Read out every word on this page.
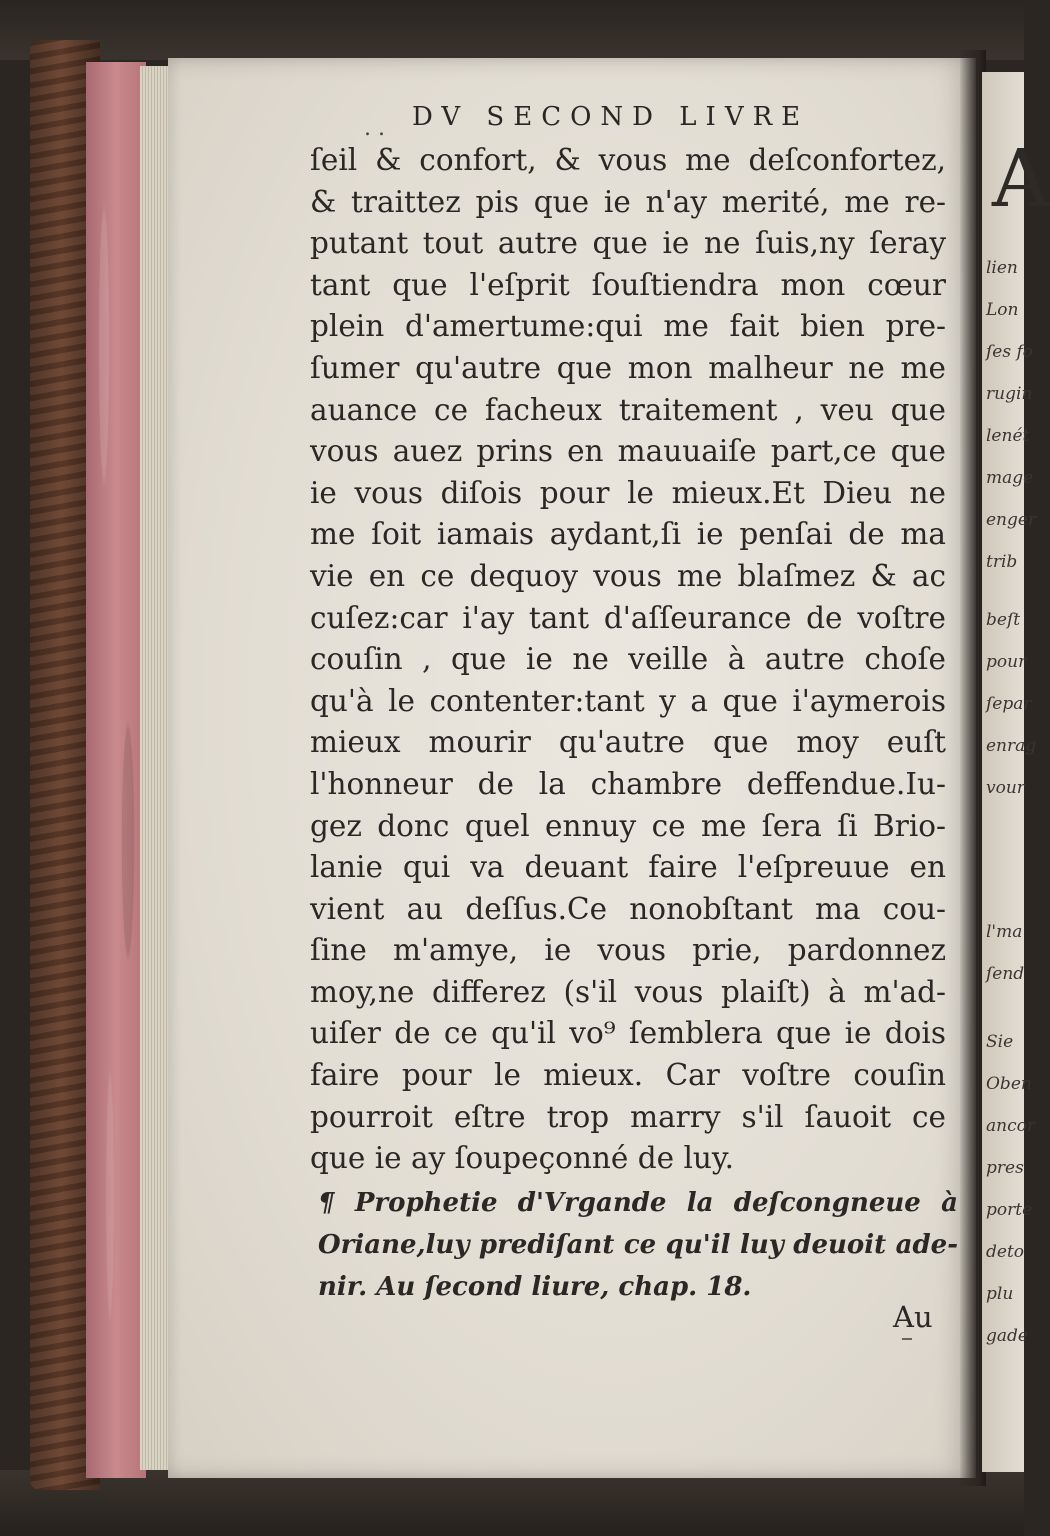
. . DV SECOND LIVRE
ſeil & confort, & vous me deſconfortez,
& traittez pis que ie n'ay merité, me re-
putant tout autre que ie ne ſuis,ny ſeray
tant que l'eſprit ſouſtiendra mon cœur
plein d'amertume:qui me fait bien pre-
ſumer qu'autre que mon malheur ne me
auance ce facheux traitement , veu que
vous auez prins en mauuaiſe part,ce que
ie vous diſois pour le mieux.Et Dieu ne
me ſoit iamais aydant,ſi ie penſai de ma
vie en ce dequoy vous me blaſmez & ac
cuſez:car i'ay tant d'aſſeurance de voſtre
couſin , que ie ne veille à autre choſe
qu'à le contenter:tant y a que i'aymerois
mieux mourir qu'autre que moy euſt
l'honneur de la chambre deffendue.Iu-
gez donc quel ennuy ce me ſera ſi Brio-
lanie qui va deuant faire l'eſpreuue en
vient au deſſus.Ce nonobſtant ma cou-
ſine m'amye, ie vous prie, pardonnez
moy,ne differez (s'il vous plaiſt) à m'ad-
uiſer de ce qu'il vo⁹ ſemblera que ie dois
faire pour le mieux. Car voſtre couſin
pourroit eſtre trop marry s'il ſauoit ce
que ie ay ſoupeçonné de luy.
¶ Prophetie d'Vrgande la deſcongneue à
Oriane,luy prediſant ce qu'il luy deuoit ade-
nir. Au ſecond liure, chap. 18.
Au
A
lien
Lon
ſes fo
rugin
lenét
mage
enger
trib
beſt
pour
ſepar
enrag
vour
l'ma
ſend
Sie
Oben
ancor
pres
porte
deto
plu
gade
